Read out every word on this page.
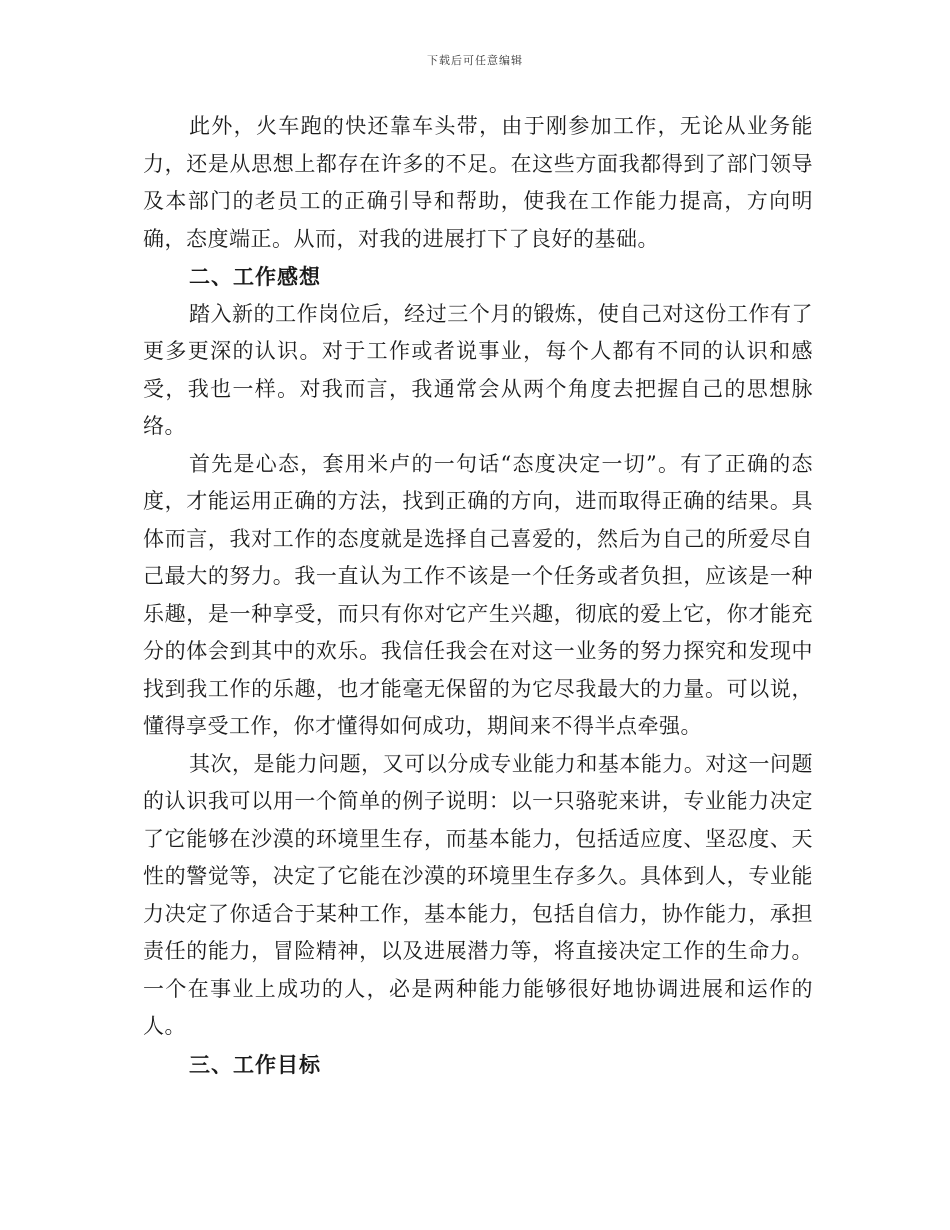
下载后可任意编辑

此外，火车跑的快还靠车头带，由于刚参加工作，无论从业务能力，还是从思想上都存在许多的不足。在这些方面我都得到了部门领导及本部门的老员工的正确引导和帮助，使我在工作能力提高，方向明确，态度端正。从而，对我的进展打下了良好的基础。

二、工作感想

踏入新的工作岗位后，经过三个月的锻炼，使自己对这份工作有了更多更深的认识。对于工作或者说事业，每个人都有不同的认识和感受，我也一样。对我而言，我通常会从两个角度去把握自己的思想脉络。

首先是心态，套用米卢的一句话“态度决定一切”。有了正确的态度，才能运用正确的方法，找到正确的方向，进而取得正确的结果。具体而言，我对工作的态度就是选择自己喜爱的，然后为自己的所爱尽自己最大的努力。我一直认为工作不该是一个任务或者负担，应该是一种乐趣，是一种享受，而只有你对它产生兴趣，彻底的爱上它，你才能充分的体会到其中的欢乐。我信任我会在对这一业务的努力探究和发现中找到我工作的乐趣，也才能毫无保留的为它尽我最大的力量。可以说，懂得享受工作，你才懂得如何成功，期间来不得半点牵强。

其次，是能力问题，又可以分成专业能力和基本能力。对这一问题的认识我可以用一个简单的例子说明：以一只骆驼来讲，专业能力决定了它能够在沙漠的环境里生存，而基本能力，包括适应度、坚忍度、天性的警觉等，决定了它能在沙漠的环境里生存多久。具体到人，专业能力决定了你适合于某种工作，基本能力，包括自信力，协作能力，承担责任的能力，冒险精神，以及进展潜力等，将直接决定工作的生命力。一个在事业上成功的人，必是两种能力能够很好地协调进展和运作的人。

三、工作目标
